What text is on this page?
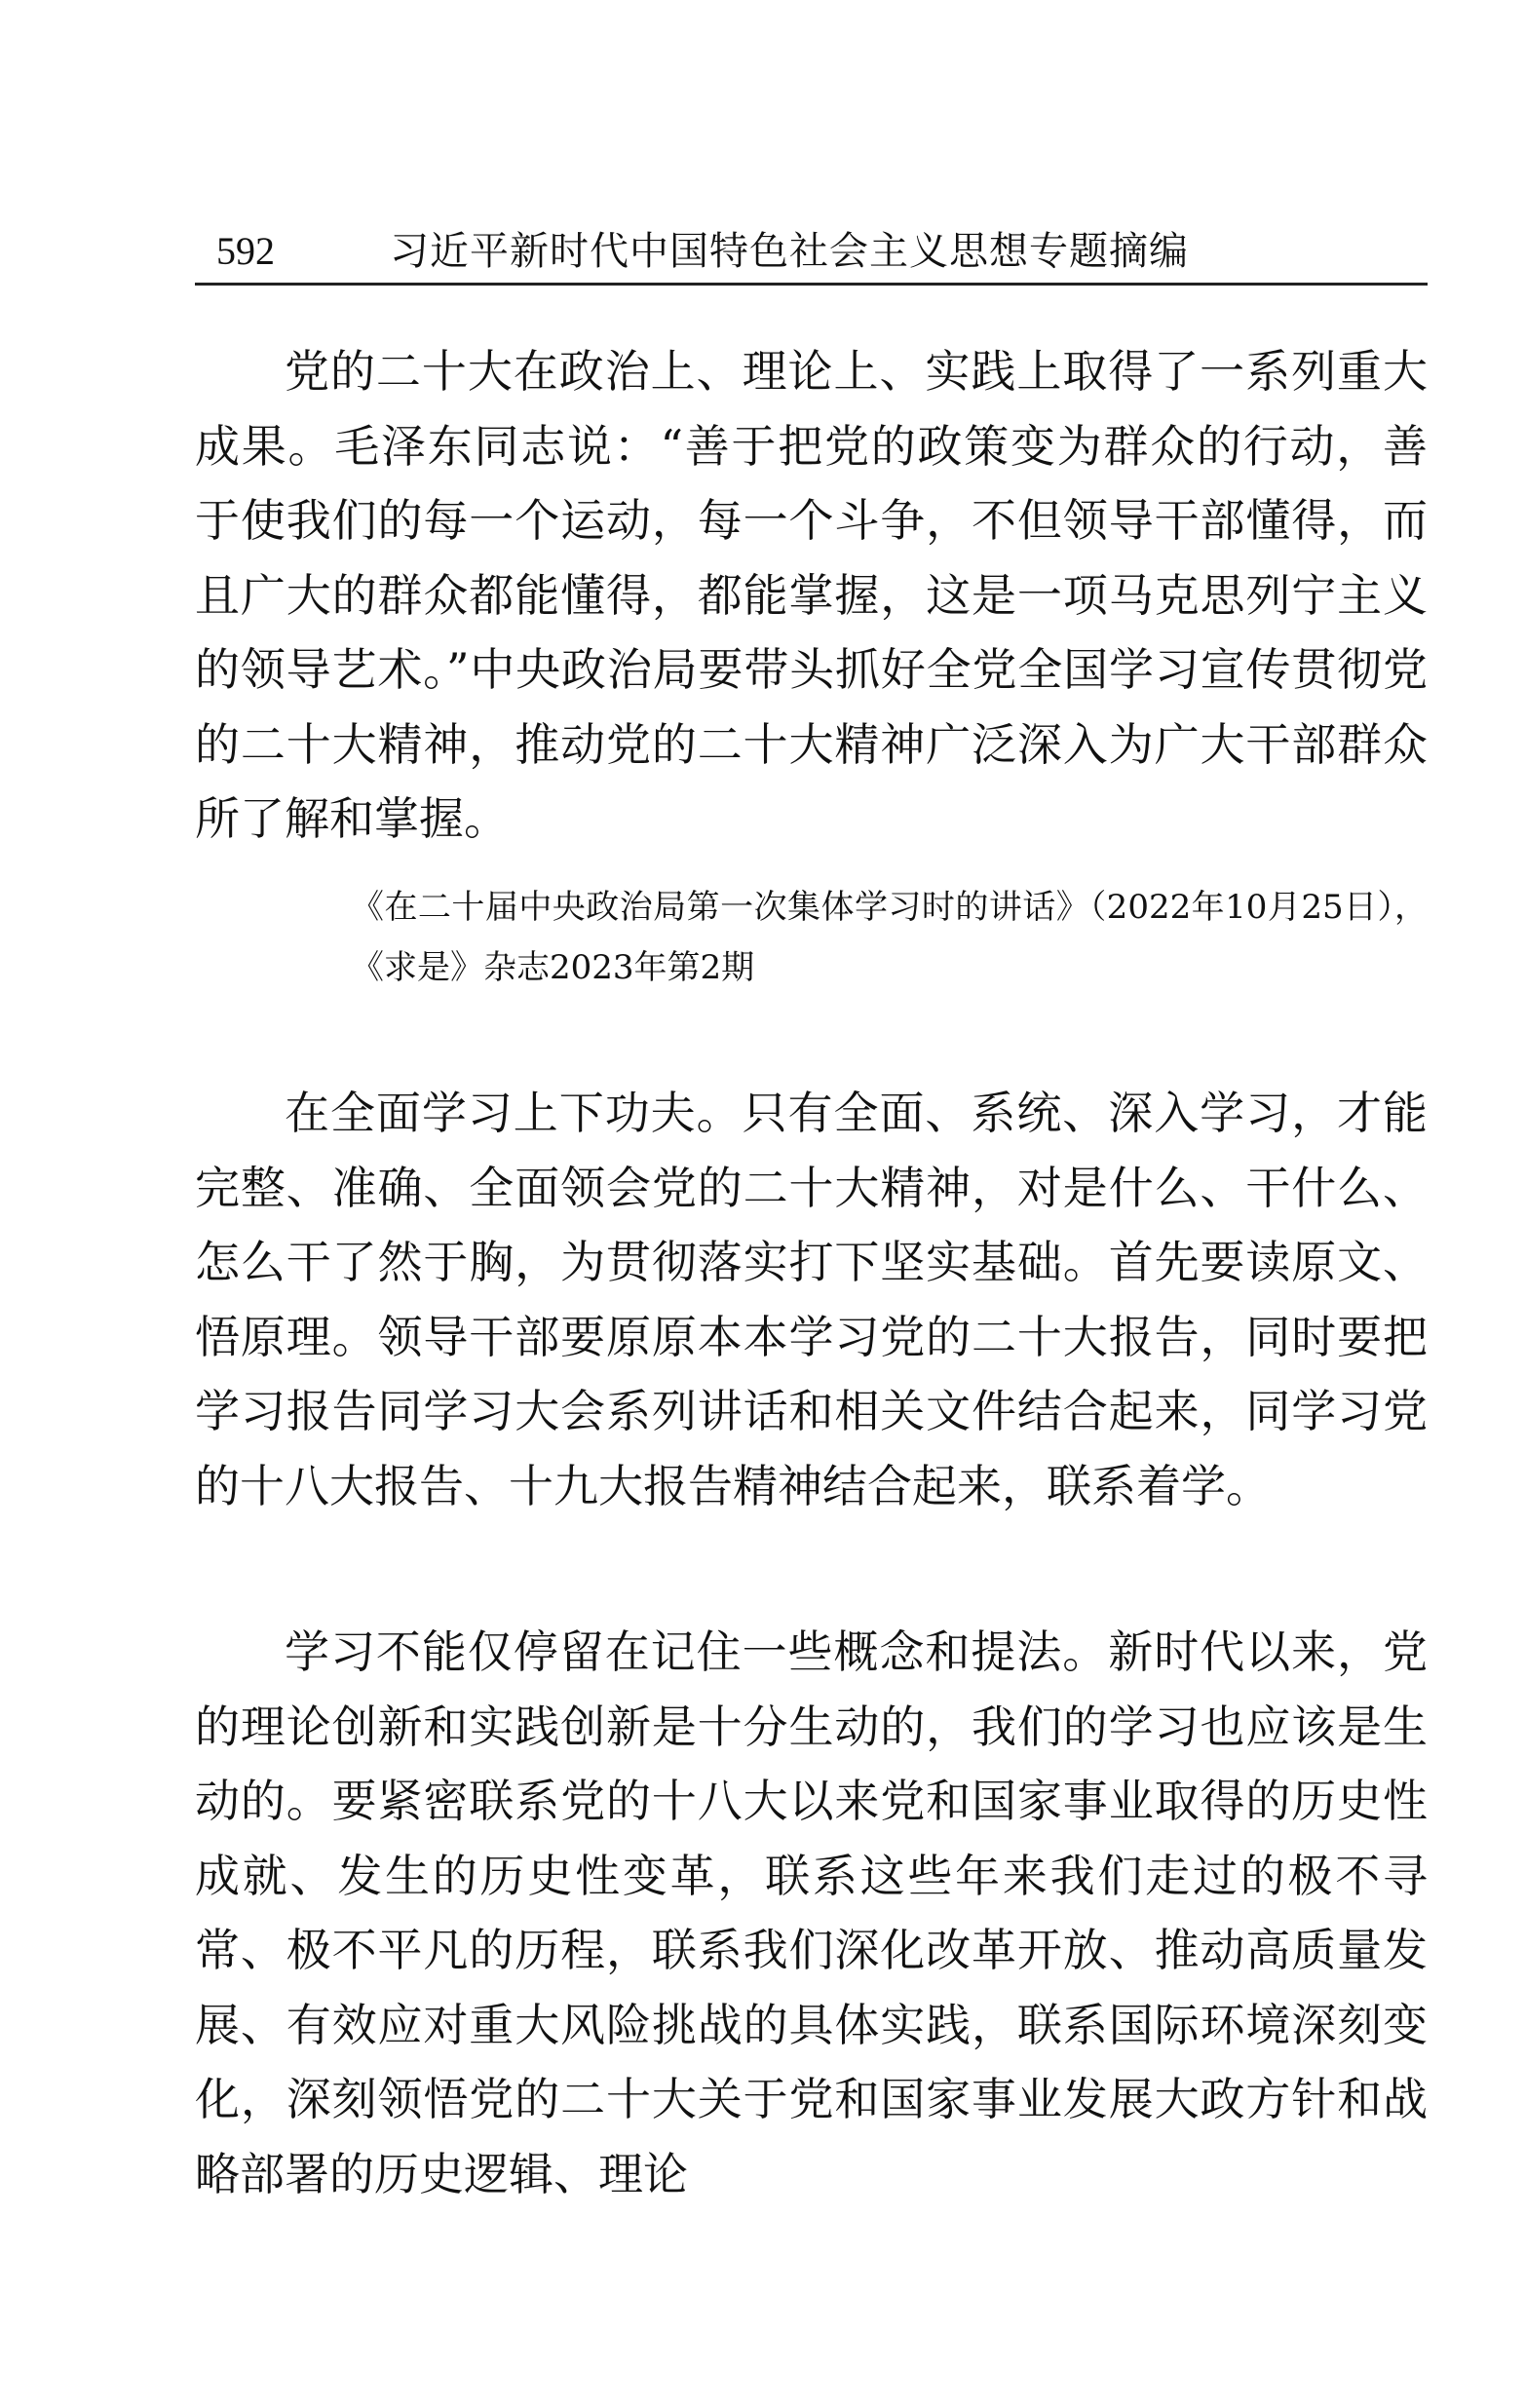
592	习近平新时代中国特色社会主义思想专题摘编

党的二十大在政治上、理论上、实践上取得了一系列重大成果。毛泽东同志说：“善于把党的政策变为群众的行动，善于使我们的每一个运动，每一个斗争，不但领导干部懂得，而且广大的群众都能懂得，都能掌握，这是一项马克思列宁主义的领导艺术。”中央政治局要带头抓好全党全国学习宣传贯彻党的二十大精神，推动党的二十大精神广泛深入为广大干部群众所了解和掌握。

《在二十届中央政治局第一次集体学习时的讲话》（2022年10月25日），《求是》杂志2023年第2期

在全面学习上下功夫。只有全面、系统、深入学习，才能完整、准确、全面领会党的二十大精神，对是什么、干什么、怎么干了然于胸，为贯彻落实打下坚实基础。首先要读原文、悟原理。领导干部要原原本本学习党的二十大报告，同时要把学习报告同学习大会系列讲话和相关文件结合起来，同学习党的十八大报告、十九大报告精神结合起来，联系着学。

学习不能仅停留在记住一些概念和提法。新时代以来，党的理论创新和实践创新是十分生动的，我们的学习也应该是生动的。要紧密联系党的十八大以来党和国家事业取得的历史性成就、发生的历史性变革，联系这些年来我们走过的极不寻常、极不平凡的历程，联系我们深化改革开放、推动高质量发展、有效应对重大风险挑战的具体实践，联系国际环境深刻变化，深刻领悟党的二十大关于党和国家事业发展大政方针和战略部署的历史逻辑、理论
